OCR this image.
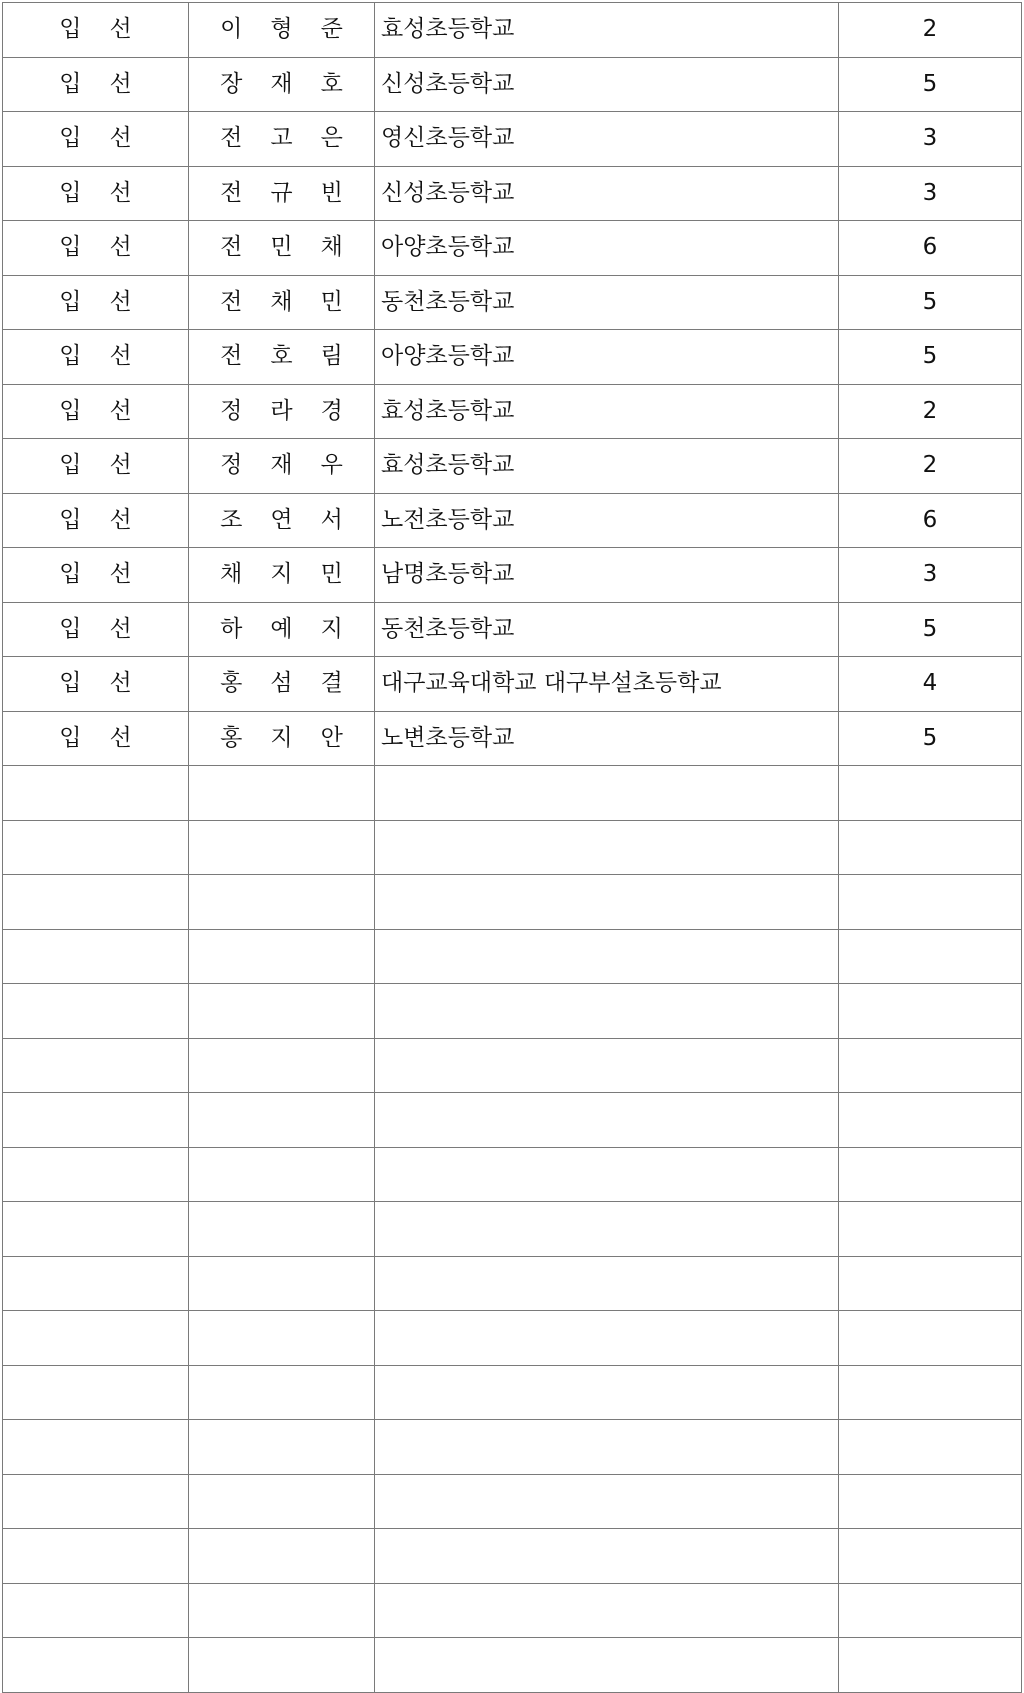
입 선	이 형 준	효성초등학교	2
입 선	장 재 호	신성초등학교	5
입 선	전 고 은	영신초등학교	3
입 선	전 규 빈	신성초등학교	3
입 선	전 민 채	아양초등학교	6
입 선	전 채 민	동천초등학교	5
입 선	전 호 림	아양초등학교	5
입 선	정 라 경	효성초등학교	2
입 선	정 재 우	효성초등학교	2
입 선	조 연 서	노전초등학교	6
입 선	채 지 민	남명초등학교	3
입 선	하 예 지	동천초등학교	5
입 선	홍 섬 결	대구교육대학교 대구부설초등학교	4
입 선	홍 지 안	노변초등학교	5
